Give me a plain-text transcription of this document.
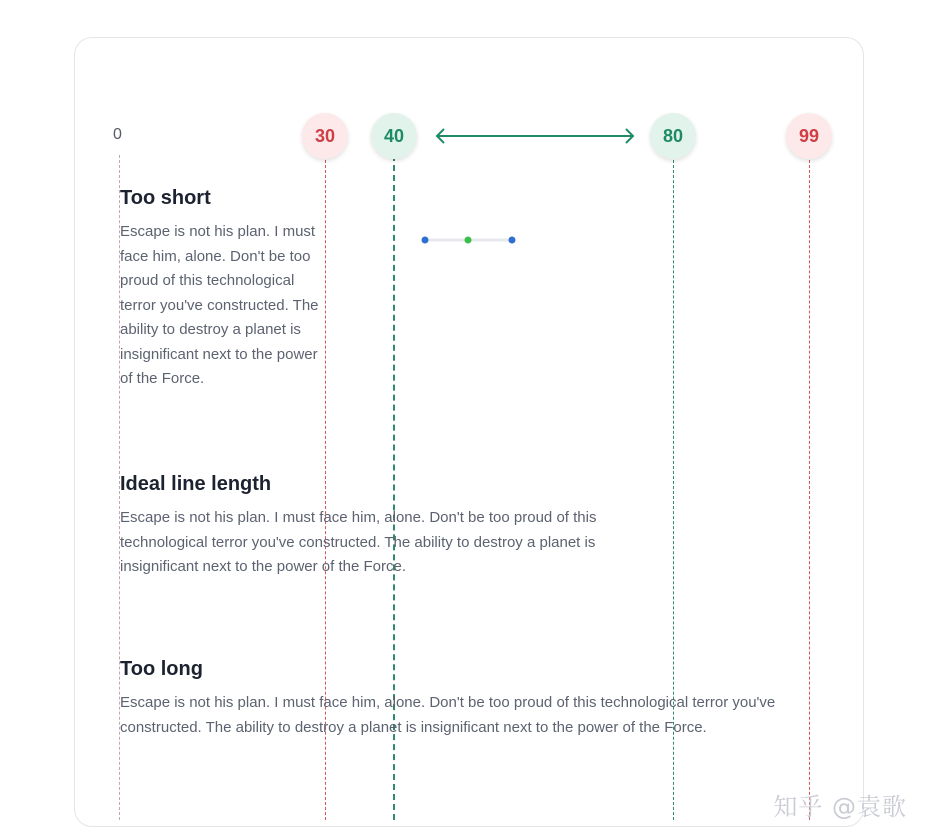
0	30	40	80	99
Too short

Escape is not his plan. I must face him, alone. Don't be too proud of this technological terror you've constructed. The ability to destroy a planet is insignificant next to the power of the Force.

Ideal line length

Escape is not his plan. I must face him, alone. Don't be too proud of this technological terror you've constructed. The ability to destroy a planet is insignificant next to the power of the Force.

Too long

Escape is not his plan. I must face him, alone. Don't be too proud of this technological terror you've constructed. The ability to destroy a planet is insignificant next to the power of the Force.

知乎 @袁歌
